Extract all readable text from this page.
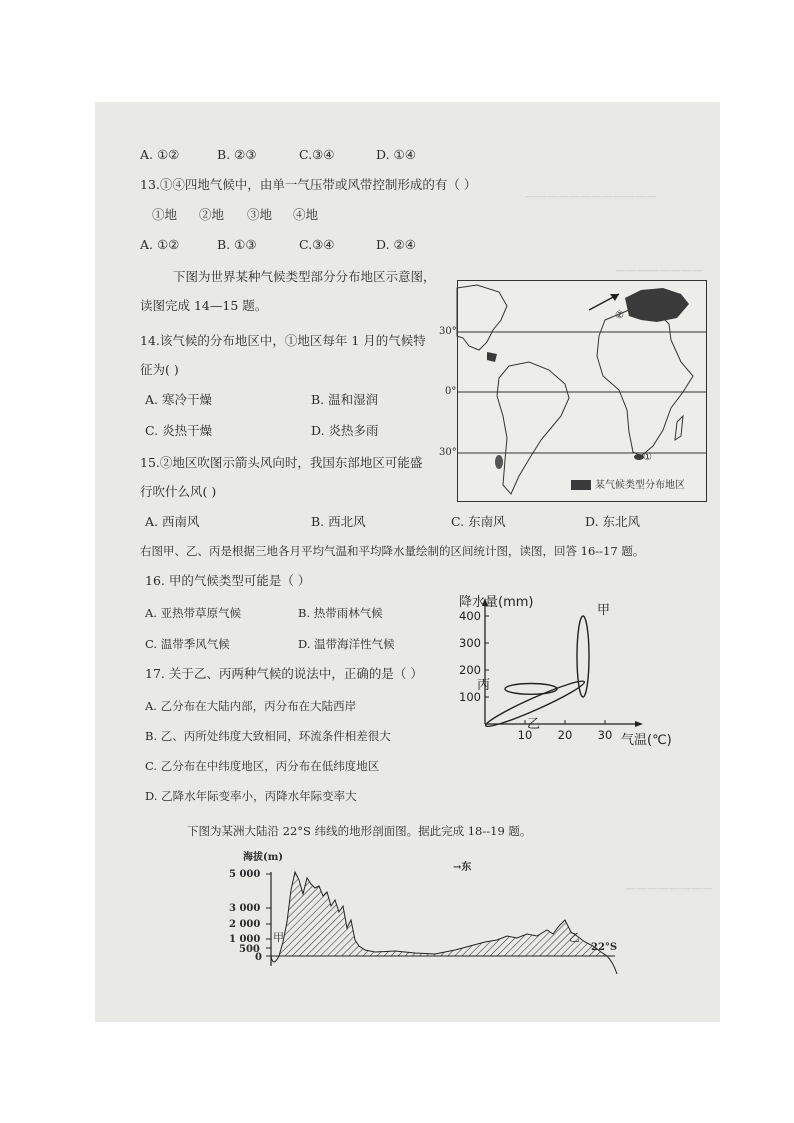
————————————
————————
————————
A. ①②	B. ②③	C.③④	D. ①④
13.①④四地气候中，由单一气压带或风带控制形成的有（ ）
①地 ②地 ③地 ④地
A. ①②	B. ①③	C.③④	D. ②④
下图为世界某种气候类型部分分布地区示意图，
读图完成 14—15 题。
14.该气候的分布地区中，①地区每年 1 月的气候特
征为( )
A. 寒冷干燥	B. 温和湿润
C. 炎热干燥	D. 炎热多雨
15.②地区吹图示箭头风向时，我国东部地区可能盛
行吹什么风( )
A. 西南风	B. 西北风	C. 东南风	D. 东北风
30°
0°
30°	①
②
某气候类型分布地区
右图甲、乙、丙是根据三地各月平均气温和平均降水量绘制的区间统计图，读图，回答 16--17 题。
16. 甲的气候类型可能是（ ）
A. 亚热带草原气候	B. 热带雨林气候
C. 温带季风气候	D. 温带海洋性气候
17. 关于乙、丙两种气候的说法中，正确的是（ ）
A. 乙分布在大陆内部，丙分布在大陆西岸
B. 乙、丙所处纬度大致相同，环流条件相差很大
C. 乙分布在中纬度地区，丙分布在低纬度地区
D. 乙降水年际变率小，丙降水年际变率大
100
200
300
400
10 20 30
降水量(mm)
气温(℃)
甲
乙
丙
下图为某洲大陆沿 22°S 纬线的地形剖面图。据此完成 18--19 题。
海拔(m)
5 000
3 000
2 000
1 000
500
0
→东
甲	乙
22°S
